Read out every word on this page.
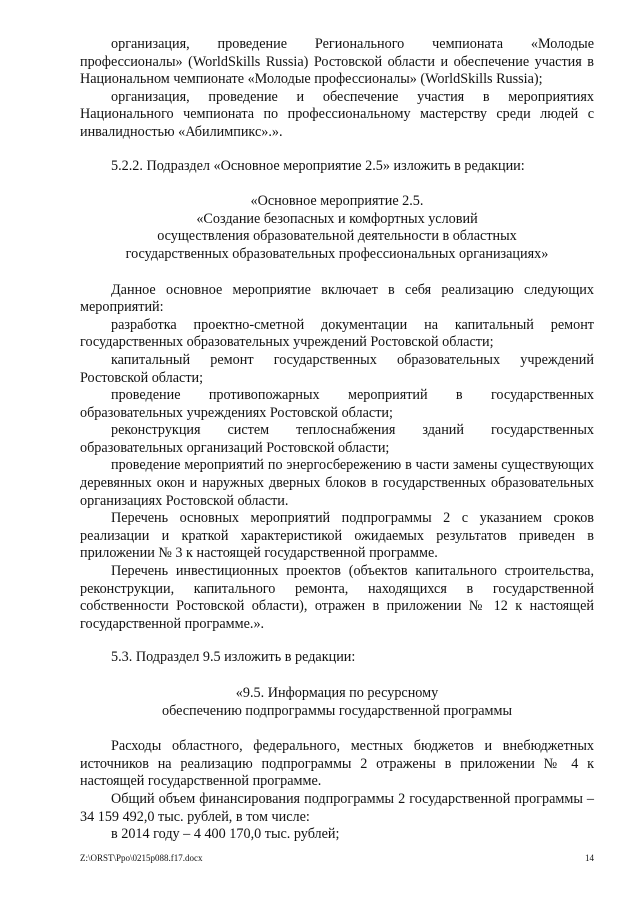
организация, проведение Регионального чемпионата «Молодые профессионалы» (WorldSkills Russia) Ростовской области и обеспечение участия в Национальном чемпионате «Молодые профессионалы» (WorldSkills Russia);

организация, проведение и обеспечение участия в мероприятиях Национального чемпионата по профессиональному мастерству среди людей с инвалидностью «Абилимпикс».».

5.2.2. Подраздел «Основное мероприятие 2.5» изложить в редакции:

«Основное мероприятие 2.5.

«Создание безопасных и комфортных условий

осуществления образовательной деятельности в областных

государственных образовательных профессиональных организациях»

Данное основное мероприятие включает в себя реализацию следующих мероприятий:

разработка проектно-сметной документации на капитальный ремонт государственных образовательных учреждений Ростовской области;

капитальный ремонт государственных образовательных учреждений Ростовской области;

проведение противопожарных мероприятий в государственных образовательных учреждениях Ростовской области;

реконструкция систем теплоснабжения зданий государственных образовательных организаций Ростовской области;

проведение мероприятий по энергосбережению в части замены существующих деревянных окон и наружных дверных блоков в государственных образовательных организациях Ростовской области.

Перечень основных мероприятий подпрограммы 2 с указанием сроков реализации и краткой характеристикой ожидаемых результатов приведен в приложении № 3 к настоящей государственной программе.

Перечень инвестиционных проектов (объектов капитального строительства, реконструкции, капитального ремонта, находящихся в государственной собственности Ростовской области), отражен в приложении № 12 к настоящей государственной программе.».

5.3. Подраздел 9.5 изложить в редакции:

«9.5. Информация по ресурсному

обеспечению подпрограммы государственной программы

Расходы областного, федерального, местных бюджетов и внебюджетных источников на реализацию подпрограммы 2 отражены в приложении № 4 к настоящей государственной программе.

Общий объем финансирования подпрограммы 2 государственной программы – 34 159 492,0 тыс. рублей, в том числе:

в 2014 году – 4 400 170,0 тыс. рублей;

Z:\ORST\Ppo\0215p088.f17.docx	14
